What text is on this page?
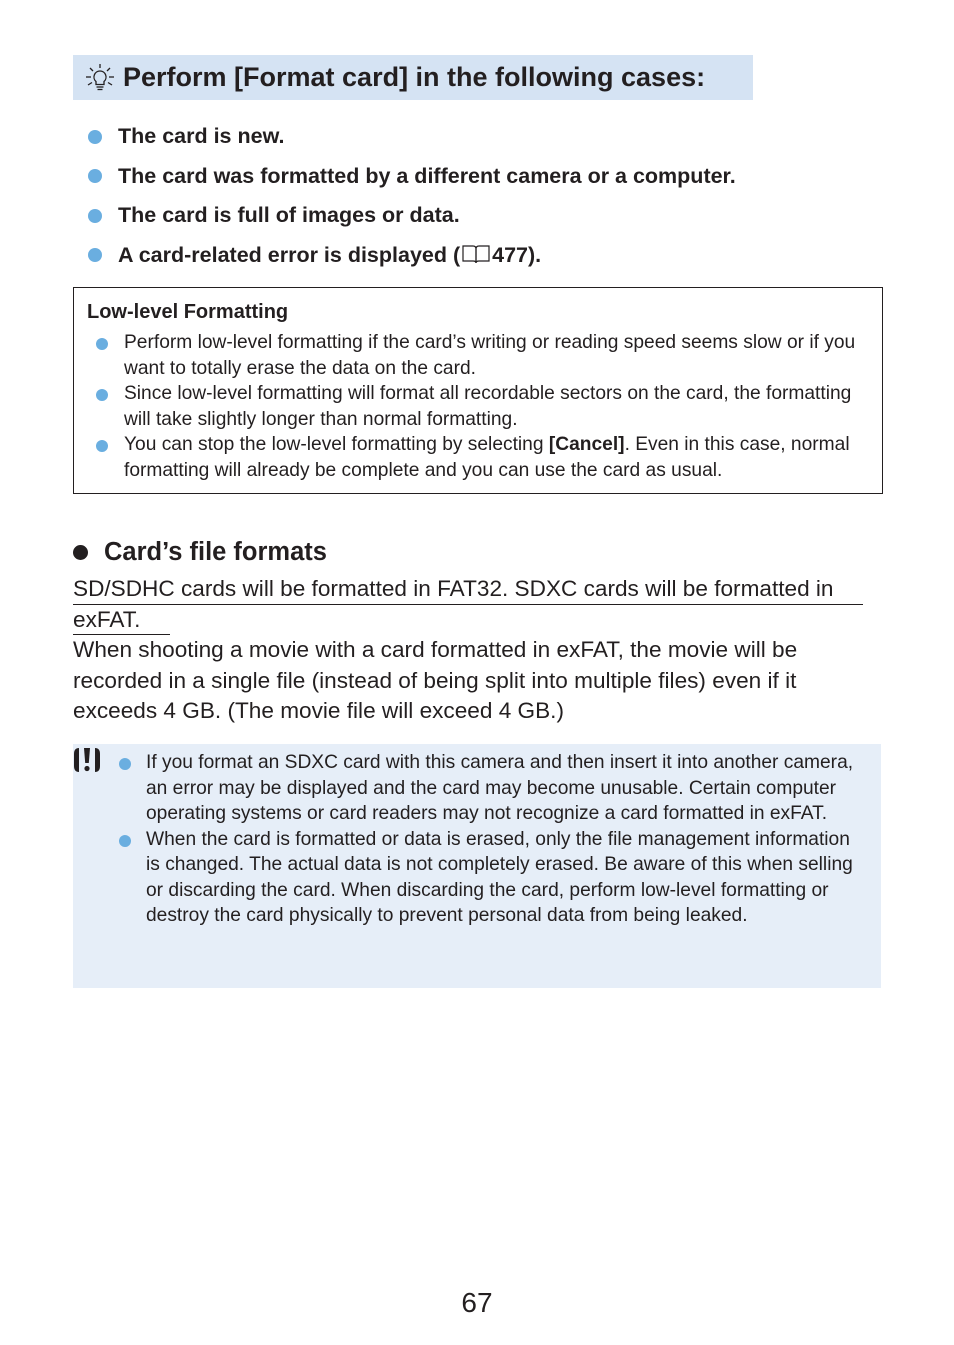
Perform [Format card] in the following cases:
The card is new.
The card was formatted by a different camera or a computer.
The card is full of images or data.
A card-related error is displayed ( 477).
Low-level Formatting
Perform low-level formatting if the card’s writing or reading speed seems slow or if you want to totally erase the data on the card.
Since low-level formatting will format all recordable sectors on the card, the formatting will take slightly longer than normal formatting.
You can stop the low-level formatting by selecting [Cancel]. Even in this case, normal formatting will already be complete and you can use the card as usual.
Card’s file formats
SD/SDHC cards will be formatted in FAT32. SDXC cards will be formatted in exFAT.
When shooting a movie with a card formatted in exFAT, the movie will be recorded in a single file (instead of being split into multiple files) even if it exceeds 4 GB. (The movie file will exceed 4 GB.)
If you format an SDXC card with this camera and then insert it into another camera, an error may be displayed and the card may become unusable. Certain computer operating systems or card readers may not recognize a card formatted in exFAT.
When the card is formatted or data is erased, only the file management information is changed. The actual data is not completely erased. Be aware of this when selling or discarding the card. When discarding the card, perform low-level formatting or destroy the card physically to prevent personal data from being leaked.
67
